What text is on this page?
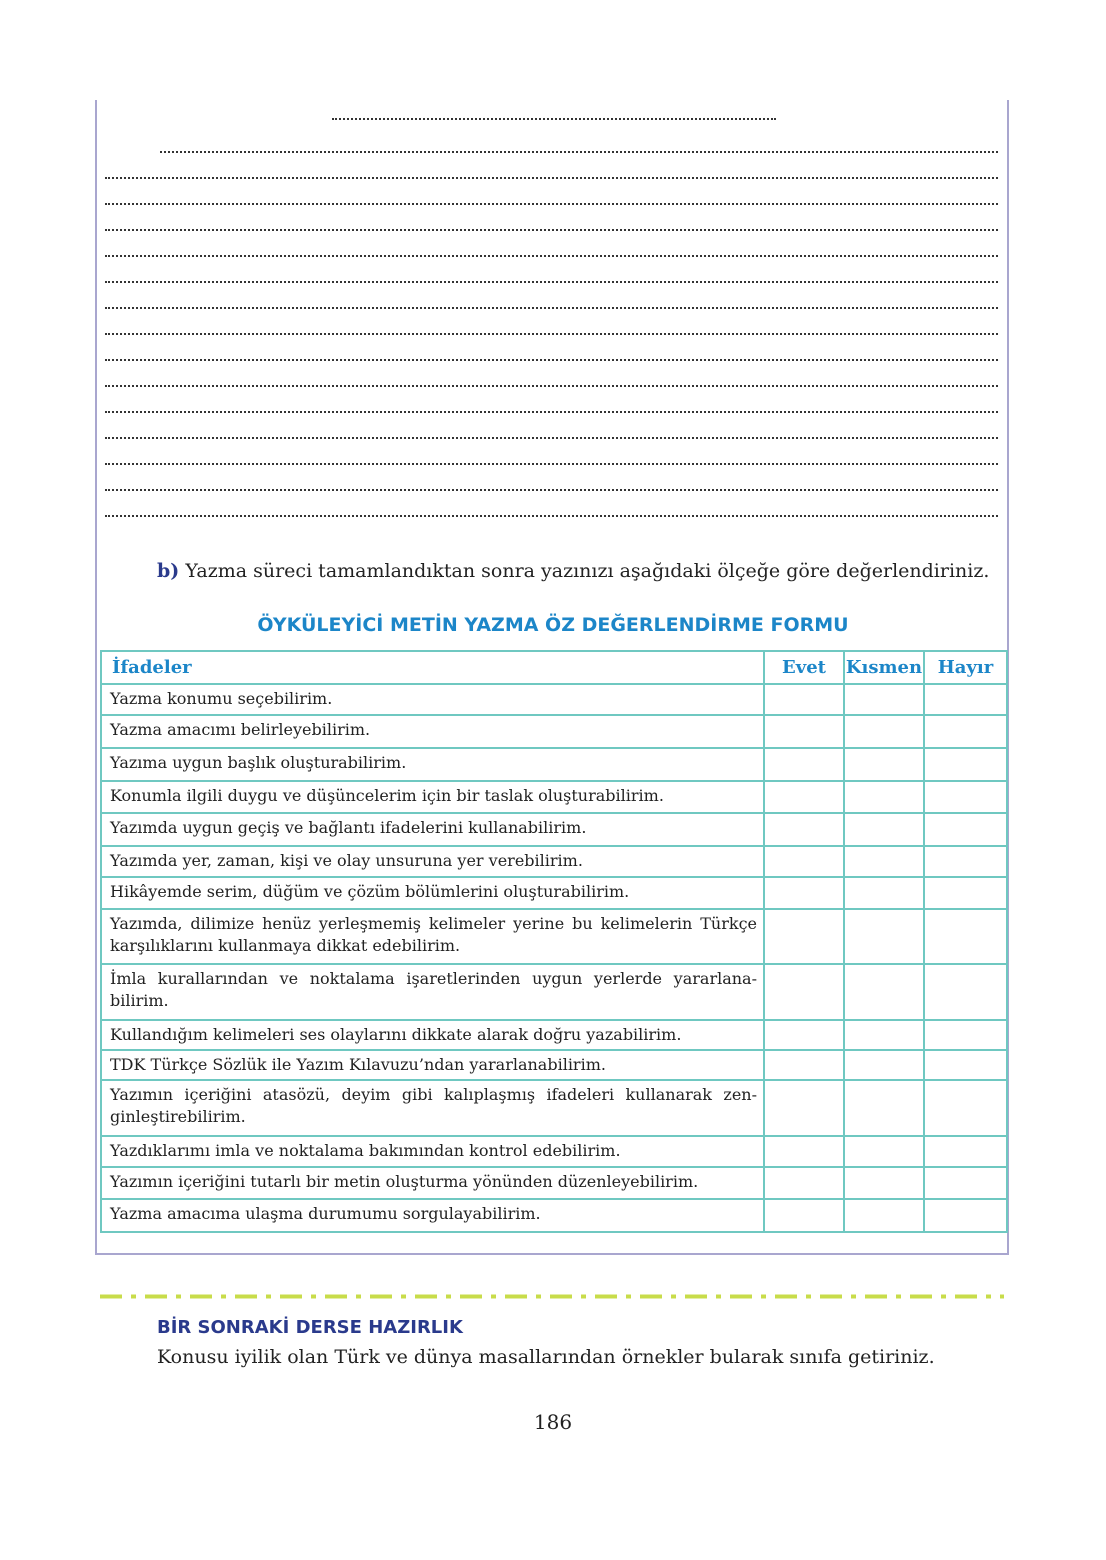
b) Yazma süreci tamamlandıktan sonra yazınızı aşağıdaki ölçeğe göre değerlendiriniz.
ÖYKÜLEYİCİ METİN YAZMA ÖZ DEĞERLENDİRME FORMU
İfadeler	Evet	Kısmen	Hayır
Yazma konumu seçebilirim.			
Yazma amacımı belirleyebilirim.			
Yazıma uygun başlık oluşturabilirim.			
Konumla ilgili duygu ve düşüncelerim için bir taslak oluşturabilirim.			
Yazımda uygun geçiş ve bağlantı ifadelerini kullanabilirim.			
Yazımda yer, zaman, kişi ve olay unsuruna yer verebilirim.			
Hikâyemde serim, düğüm ve çözüm bölümlerini oluşturabilirim.			
Yazımda, dilimize henüz yerleşmemiş kelimeler yerine bu kelimelerin Türkçe karşılıklarını kullanmaya dikkat edebilirim.			
İmla kurallarından ve noktalama işaretlerinden uygun yerlerde yararlana-bilirim.			
Kullandığım kelimeleri ses olaylarını dikkate alarak doğru yazabilirim.			
TDK Türkçe Sözlük ile Yazım Kılavuzu’ndan yararlanabilirim.			
Yazımın içeriğini atasözü, deyim gibi kalıplaşmış ifadeleri kullanarak zen-ginleştirebilirim.			
Yazdıklarımı imla ve noktalama bakımından kontrol edebilirim.			
Yazımın içeriğini tutarlı bir metin oluşturma yönünden düzenleyebilirim.			
Yazma amacıma ulaşma durumumu sorgulayabilirim.			
BİR SONRAKİ DERSE HAZIRLIK
Konusu iyilik olan Türk ve dünya masallarından örnekler bularak sınıfa getiriniz.
186
